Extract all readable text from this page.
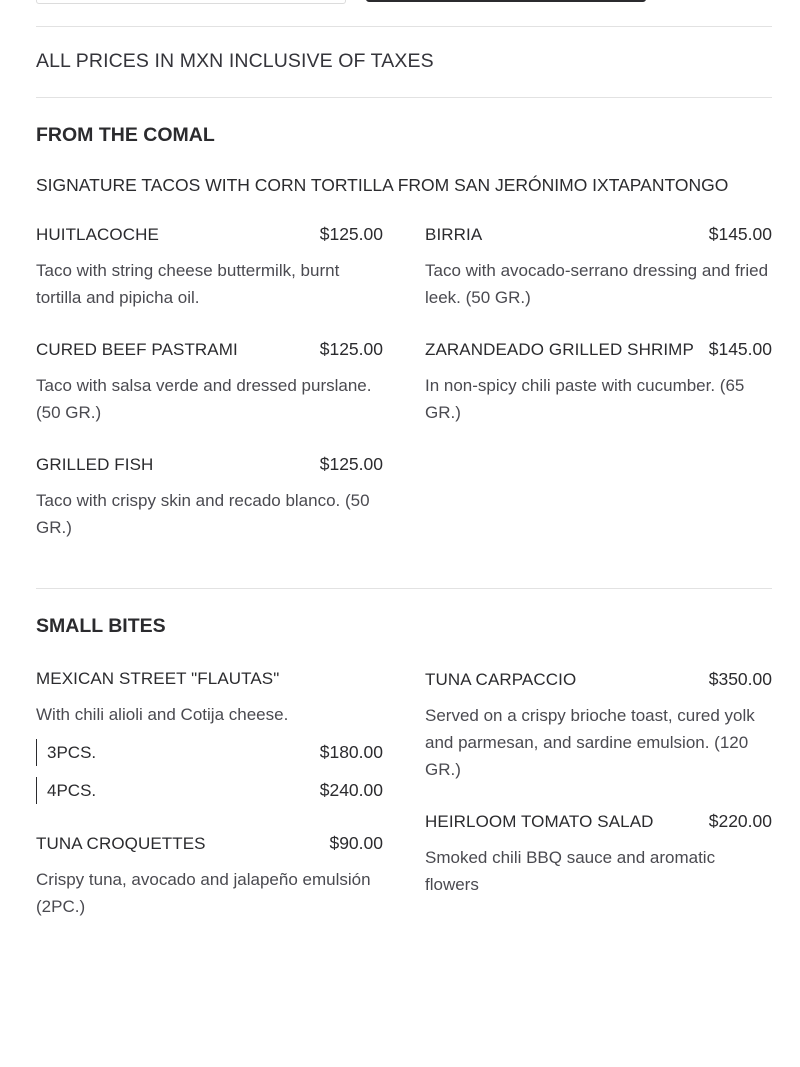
ALL PRICES IN MXN INCLUSIVE OF TAXES
FROM THE COMAL
SIGNATURE TACOS WITH CORN TORTILLA FROM SAN JERÓNIMO IXTAPANTONGO
HUITLACOCHE	$125.00
Taco with string cheese buttermilk, burnt tortilla and pipicha oil.
BIRRIA	$145.00
Taco with avocado-serrano dressing and fried leek. (50 GR.)
CURED BEEF PASTRAMI	$125.00
Taco with salsa verde and dressed purslane. (50 GR.)
ZARANDEADO GRILLED SHRIMP $145.00
In non-spicy chili paste with cucumber. (65 GR.)
GRILLED FISH	$125.00
Taco with crispy skin and recado blanco. (50 GR.)
SMALL BITES
MEXICAN STREET "FLAUTAS"
With chili alioli and Cotija cheese.
3PCS.	$180.00
4PCS.	$240.00
TUNA CARPACCIO	$350.00
Served on a crispy brioche toast, cured yolk and parmesan, and sardine emulsion. (120 GR.)
TUNA CROQUETTES	$90.00
Crispy tuna, avocado and jalapeño emulsión (2PC.)
HEIRLOOM TOMATO SALAD	$220.00
Smoked chili BBQ sauce and aromatic flowers
